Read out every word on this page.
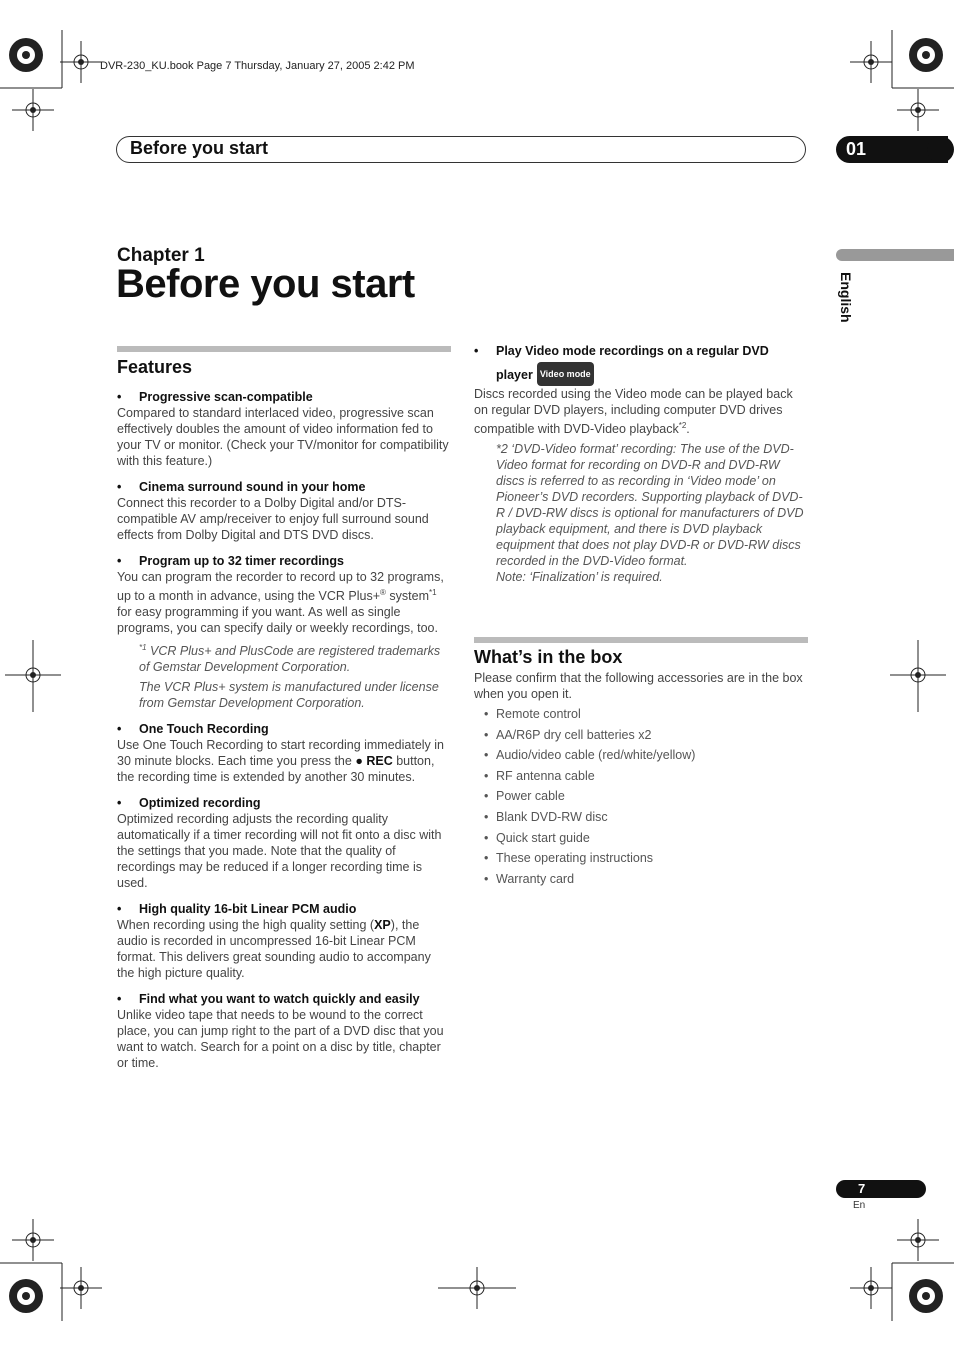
DVR-230_KU.book Page 7 Thursday, January 27, 2005 2:42 PM
Before you start	01
Chapter 1
Before you start	English
Features
• Progressive scan-compatible
Compared to standard interlaced video, progressive scan effectively doubles the amount of video information fed to your TV or monitor. (Check your TV/monitor for compatibility with this feature.)
• Cinema surround sound in your home
Connect this recorder to a Dolby Digital and/or DTS-compatible AV amp/receiver to enjoy full surround sound effects from Dolby Digital and DTS DVD discs.
• Program up to 32 timer recordings
You can program the recorder to record up to 32 programs, up to a month in advance, using the VCR Plus+® system$^{*1}$ for easy programming if you want. As well as single programs, you can specify daily or weekly recordings, too.
$^{*1}$ VCR Plus+ and PlusCode are registered trademarks of Gemstar Development Corporation.
The VCR Plus+ system is manufactured under license from Gemstar Development Corporation.
• One Touch Recording
Use One Touch Recording to start recording immediately in 30 minute blocks. Each time you press the ● REC button, the recording time is extended by another 30 minutes.
• Optimized recording
Optimized recording adjusts the recording quality automatically if a timer recording will not fit onto a disc with the settings that you made. Note that the quality of recordings may be reduced if a longer recording time is used.
• High quality 16-bit Linear PCM audio
When recording using the high quality setting (XP), the audio is recorded in uncompressed 16-bit Linear PCM format. This delivers great sounding audio to accompany the high picture quality.
• Find what you want to watch quickly and easily
Unlike video tape that needs to be wound to the correct place, you can jump right to the part of a DVD disc that you want to watch. Search for a point on a disc by title, chapter or time.
• Play Video mode recordings on a regular DVD player Video mode
Discs recorded using the Video mode can be played back on regular DVD players, including computer DVD drives compatible with DVD-Video playback$^{*2}$.
*2 ‘DVD-Video format’ recording: The use of the DVD-Video format for recording on DVD-R and DVD-RW discs is referred to as recording in ‘Video mode’ on Pioneer’s DVD recorders. Supporting playback of DVD-R / DVD-RW discs is optional for manufacturers of DVD playback equipment, and there is DVD playback equipment that does not play DVD-R or DVD-RW discs recorded in the DVD-Video format.
Note: ‘Finalization’ is required.
What’s in the box
Please confirm that the following accessories are in the box when you open it.
• Remote control
• AA/R6P dry cell batteries x2
• Audio/video cable (red/white/yellow)
• RF antenna cable
• Power cable
• Blank DVD-RW disc
• Quick start guide
• These operating instructions
• Warranty card
7
En
